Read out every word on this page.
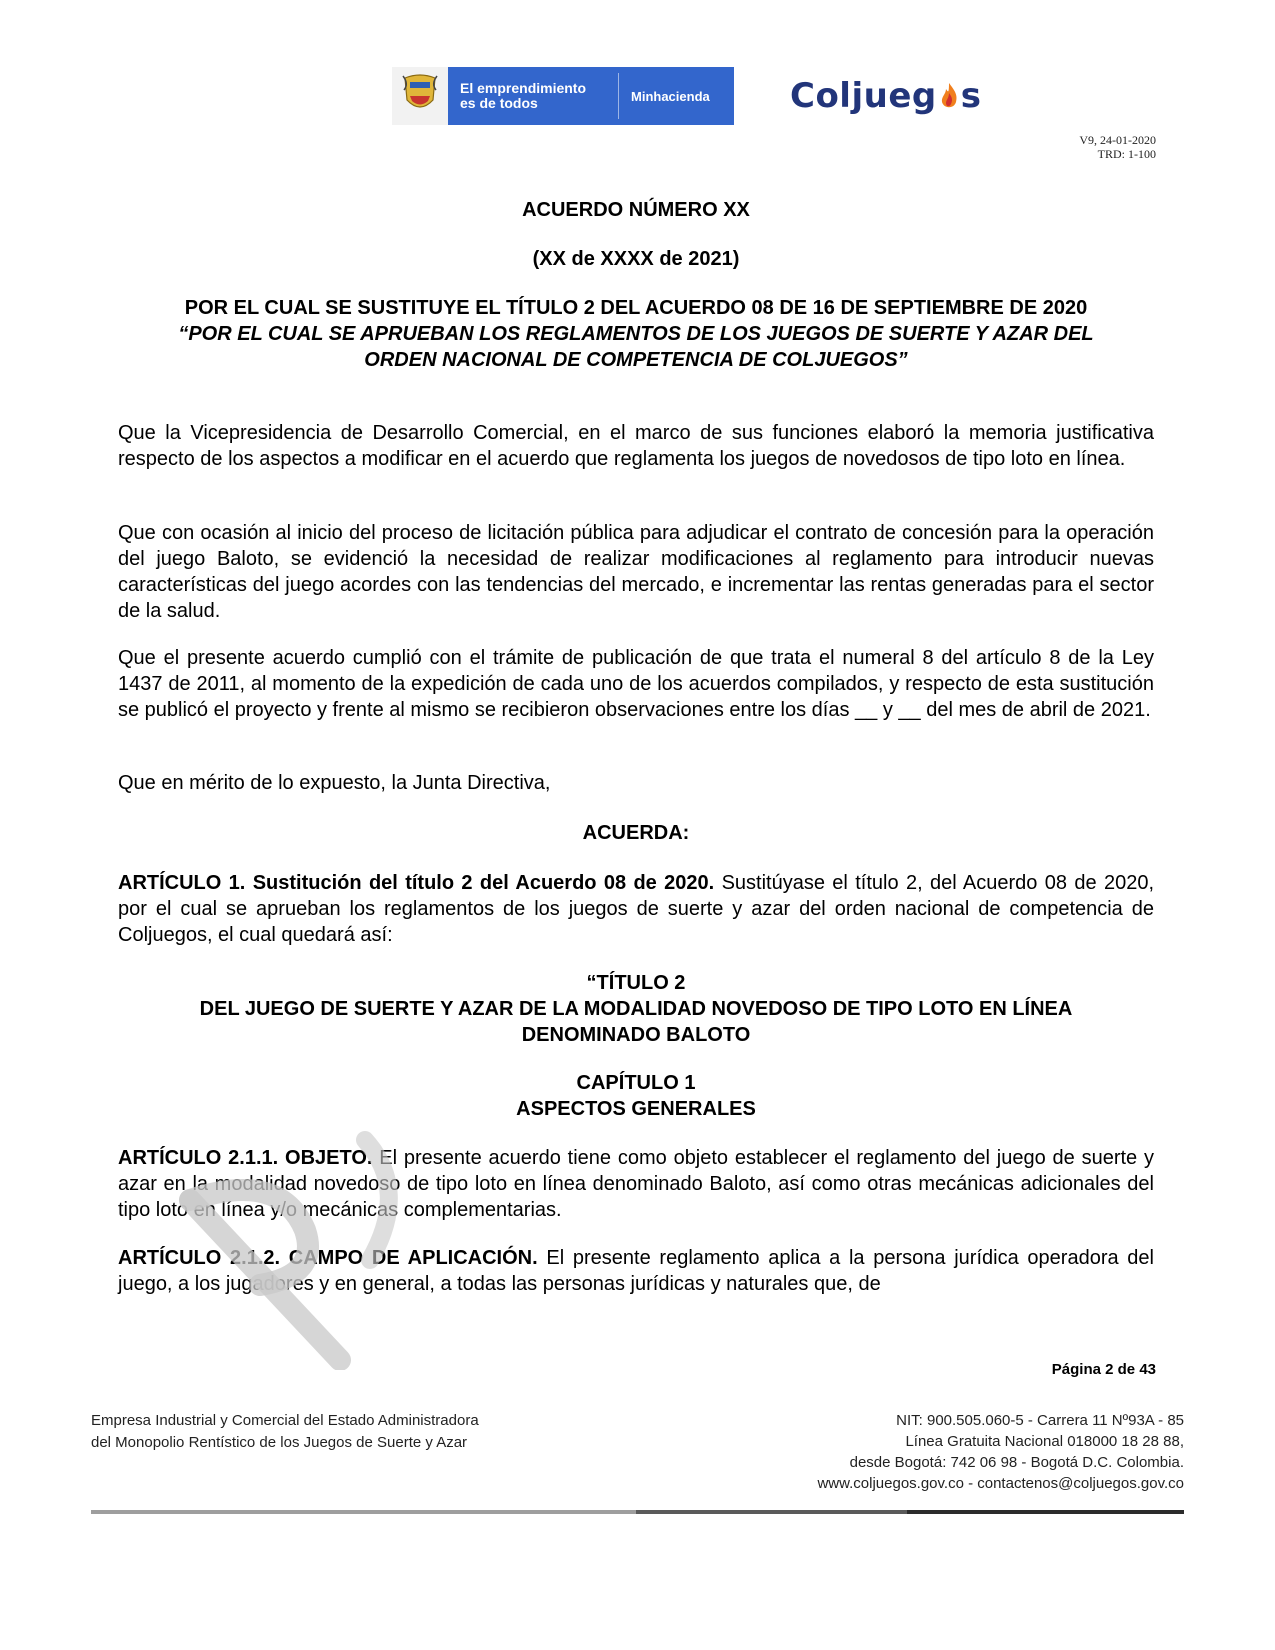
El emprendimiento
es de todos	Minhacienda	Coljueg s
V9, 24-01-2020
TRD: 1-100
ACUERDO NÚMERO XX
(XX de XXXX de 2021)
POR EL CUAL SE SUSTITUYE EL TÍTULO 2 DEL ACUERDO 08 DE 16 DE SEPTIEMBRE DE 2020
“POR EL CUAL SE APRUEBAN LOS REGLAMENTOS DE LOS JUEGOS DE SUERTE Y AZAR DEL ORDEN NACIONAL DE COMPETENCIA DE COLJUEGOS”
Que la Vicepresidencia de Desarrollo Comercial, en el marco de sus funciones elaboró la memoria justificativa respecto de los aspectos a modificar en el acuerdo que reglamenta los juegos de novedosos de tipo loto en línea.
Que con ocasión al inicio del proceso de licitación pública para adjudicar el contrato de concesión para la operación del juego Baloto, se evidenció la necesidad de realizar modificaciones al reglamento para introducir nuevas características del juego acordes con las tendencias del mercado, e incrementar las rentas generadas para el sector de la salud.
Que el presente acuerdo cumplió con el trámite de publicación de que trata el numeral 8 del artículo 8 de la Ley 1437 de 2011, al momento de la expedición de cada uno de los acuerdos compilados, y respecto de esta sustitución se publicó el proyecto y frente al mismo se recibieron observaciones entre los días __ y __ del mes de abril de 2021.
Que en mérito de lo expuesto, la Junta Directiva,
ACUERDA:
ARTÍCULO 1. Sustitución del título 2 del Acuerdo 08 de 2020. Sustitúyase el título 2, del Acuerdo 08 de 2020, por el cual se aprueban los reglamentos de los juegos de suerte y azar del orden nacional de competencia de Coljuegos, el cual quedará así:
“TÍTULO 2
DEL JUEGO DE SUERTE Y AZAR DE LA MODALIDAD NOVEDOSO DE TIPO LOTO EN LÍNEA DENOMINADO BALOTO
CAPÍTULO 1
ASPECTOS GENERALES
ARTÍCULO 2.1.1. OBJETO. El presente acuerdo tiene como objeto establecer el reglamento del juego de suerte y azar en la modalidad novedoso de tipo loto en línea denominado Baloto, así como otras mecánicas adicionales del tipo loto en línea y/o mecánicas complementarias.
ARTÍCULO 2.1.2. CAMPO DE APLICACIÓN. El presente reglamento aplica a la persona jurídica operadora del juego, a los jugadores y en general, a todas las personas jurídicas y naturales que, de
Página 2 de 43
Empresa Industrial y Comercial del Estado Administradora
del Monopolio Rentístico de los Juegos de Suerte y Azar
NIT: 900.505.060-5 - Carrera 11 Nº93A - 85
Línea Gratuita Nacional 018000 18 28 88,
desde Bogotá: 742 06 98 - Bogotá D.C. Colombia.
www.coljuegos.gov.co - contactenos@coljuegos.gov.co
